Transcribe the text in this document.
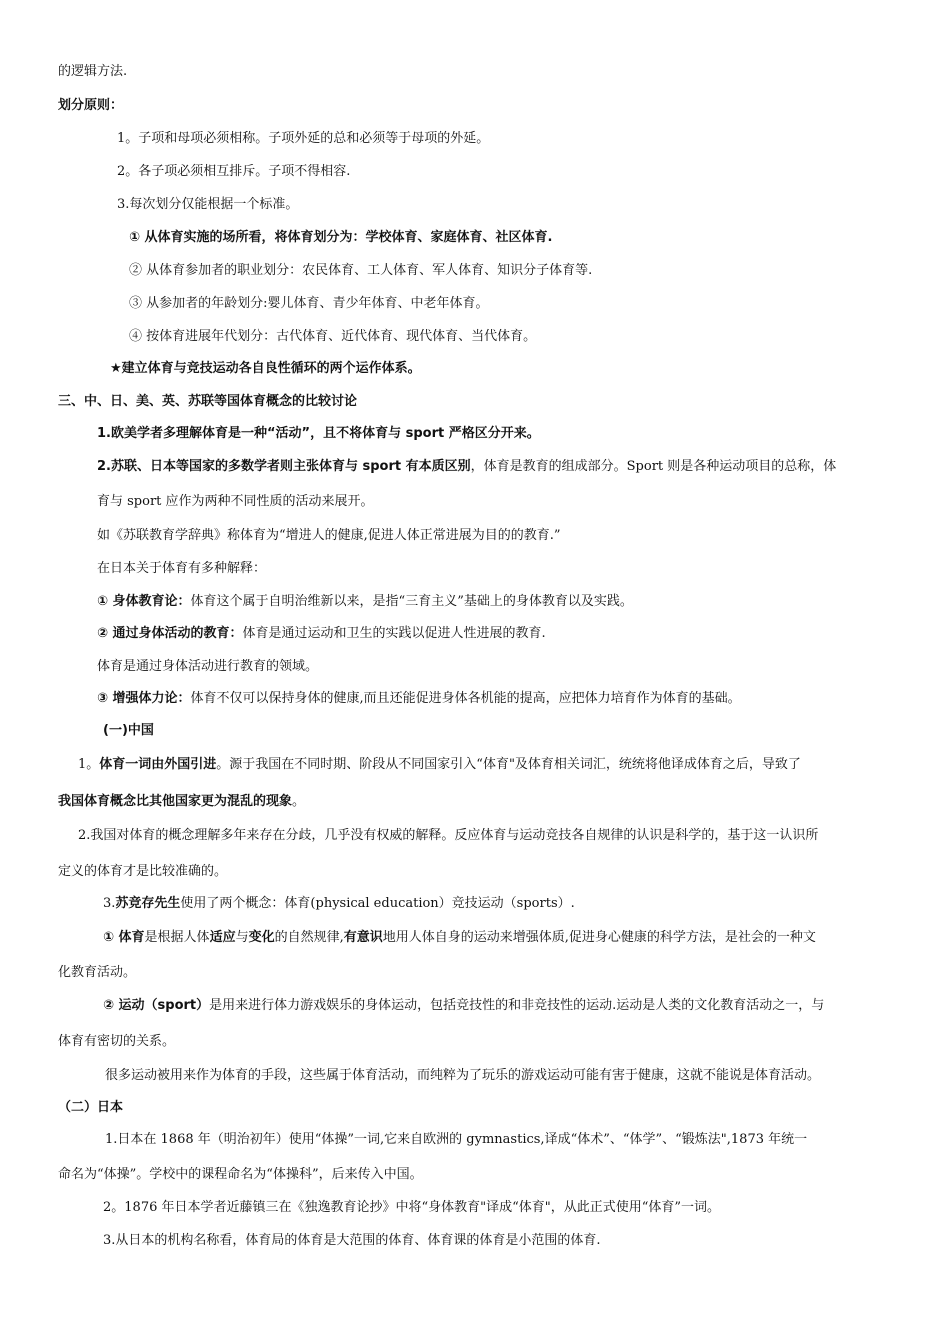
的逻辑方法.
划分原则：
1。子项和母项必须相称。子项外延的总和必须等于母项的外延。
2。各子项必须相互排斥。子项不得相容.
3.每次划分仅能根据一个标准。
① 从体育实施的场所看，将体育划分为：学校体育、家庭体育、社区体育.
② 从体育参加者的职业划分：农民体育、工人体育、军人体育、知识分子体育等.
③ 从参加者的年龄划分:婴儿体育、青少年体育、中老年体育。
④ 按体育进展年代划分：古代体育、近代体育、现代体育、当代体育。
★建立体育与竞技运动各自良性循环的两个运作体系。
三、中、日、美、英、苏联等国体育概念的比较讨论
1.欧美学者多理解体育是一种“活动”，且不将体育与 sport 严格区分开来。
2.苏联、日本等国家的多数学者则主张体育与 sport 有本质区别，体育是教育的组成部分。Sport 则是各种运动项目的总称，体
育与 sport 应作为两种不同性质的活动来展开。
如《苏联教育学辞典》称体育为“增进人的健康,促进人体正常进展为目的的教育.”
在日本关于体育有多种解释：
① 身体教育论：体育这个属于自明治维新以来，是指“三育主义”基础上的身体教育以及实践。
② 通过身体活动的教育：体育是通过运动和卫生的实践以促进人性进展的教育.
体育是通过身体活动进行教育的领域。
③ 增强体力论：体育不仅可以保持身体的健康,而且还能促进身体各机能的提高，应把体力培育作为体育的基础。
(一)中国
1。体育一词由外国引进。源于我国在不同时期、阶段从不同国家引入“体育"及体育相关词汇，统统将他译成体育之后，导致了
我国体育概念比其他国家更为混乱的现象。
2.我国对体育的概念理解多年来存在分歧，几乎没有权威的解释。反应体育与运动竞技各自规律的认识是科学的，基于这一认识所
定义的体育才是比较准确的。
3.苏竞存先生使用了两个概念：体育(physical education）竞技运动（sports）.
① 体育是根据人体适应与变化的自然规律,有意识地用人体自身的运动来增强体质,促进身心健康的科学方法，是社会的一种文
化教育活动。
② 运动（sport）是用来进行体力游戏娱乐的身体运动，包括竞技性的和非竞技性的运动.运动是人类的文化教育活动之一，与
体育有密切的关系。
很多运动被用来作为体育的手段，这些属于体育活动，而纯粹为了玩乐的游戏运动可能有害于健康，这就不能说是体育活动。
（二）日本
1.日本在 1868 年（明治初年）使用“体操”一词,它来自欧洲的 gymnastics,译成“体术”、“体学”、“锻炼法",1873 年统一
命名为“体操”。学校中的课程命名为“体操科”，后来传入中国。
2。1876 年日本学者近藤镇三在《独逸教育论抄》中将“身体教育"译成“体育"，从此正式使用“体育”一词。
3.从日本的机构名称看，体育局的体育是大范围的体育、体育课的体育是小范围的体育.
